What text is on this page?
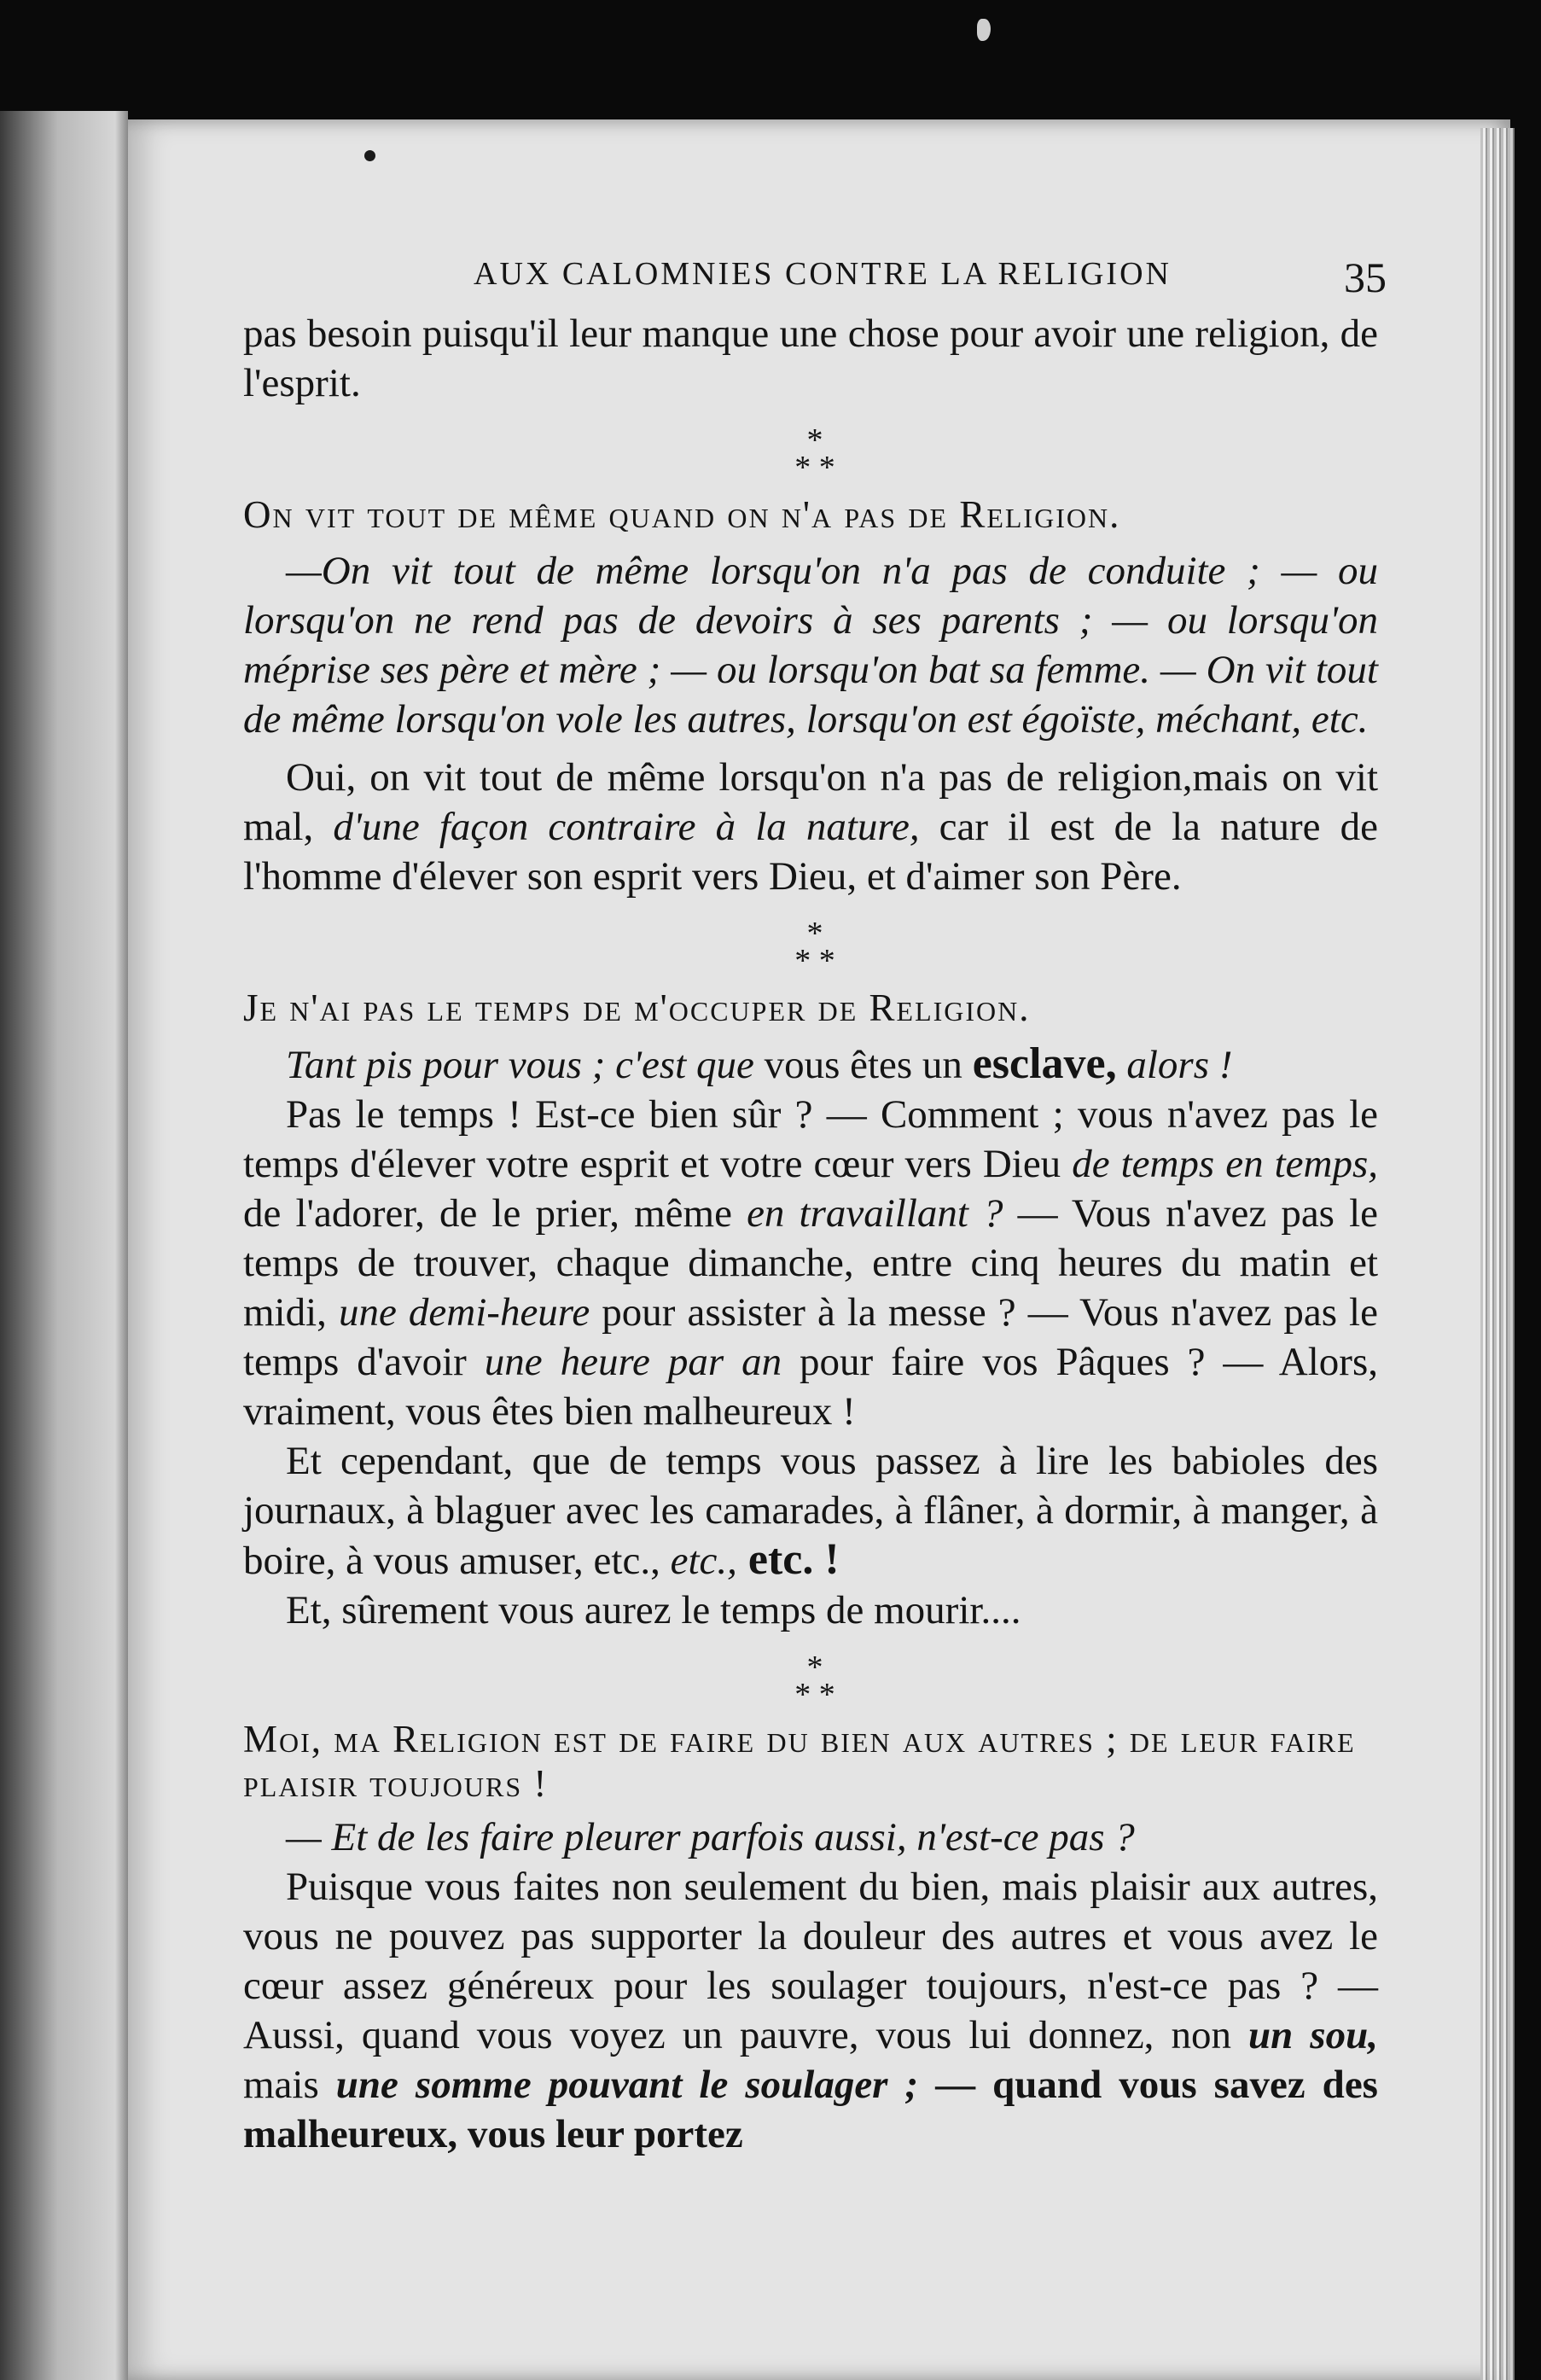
AUX CALOMNIES CONTRE LA RELIGION	35

pas besoin puisqu'il leur manque une chose pour avoir une religion, de l'esprit.

*
* *

On vit tout de même quand on n'a pas de Religion.

—On vit tout de même lorsqu'on n'a pas de conduite ; — ou lorsqu'on ne rend pas de devoirs à ses parents ; — ou lorsqu'on méprise ses père et mère ; — ou lorsqu'on bat sa femme. — On vit tout de même lorsqu'on vole les autres, lorsqu'on est égoïste, méchant, etc.

Oui, on vit tout de même lorsqu'on n'a pas de religion,mais on vit mal, d'une façon contraire à la nature, car il est de la nature de l'homme d'élever son esprit vers Dieu, et d'aimer son Père.

*
* *

Je n'ai pas le temps de m'occuper de Religion.

Tant pis pour vous ; c'est que vous êtes un esclave, alors !

Pas le temps ! Est-ce bien sûr ? — Comment ; vous n'avez pas le temps d'élever votre esprit et votre cœur vers Dieu de temps en temps, de l'adorer, de le prier, même en travaillant ? — Vous n'avez pas le temps de trouver, chaque dimanche, entre cinq heures du matin et midi, une demi-heure pour assister à la messe ? — Vous n'avez pas le temps d'avoir une heure par an pour faire vos Pâques ? — Alors, vraiment, vous êtes bien malheureux !

Et cependant, que de temps vous passez à lire les babioles des journaux, à blaguer avec les camarades, à flâner, à dormir, à manger, à boire, à vous amuser, etc., etc., etc. !

Et, sûrement vous aurez le temps de mourir....

*
* *

Moi, ma Religion est de faire du bien aux autres ; de leur faire plaisir toujours !

— Et de les faire pleurer parfois aussi, n'est-ce pas ?

Puisque vous faites non seulement du bien, mais plaisir aux autres, vous ne pouvez pas supporter la douleur des autres et vous avez le cœur assez généreux pour les soulager toujours, n'est-ce pas ? — Aussi, quand vous voyez un pauvre, vous lui donnez, non un sou, mais une somme pouvant le soulager ; — quand vous savez des malheureux, vous leur portez
